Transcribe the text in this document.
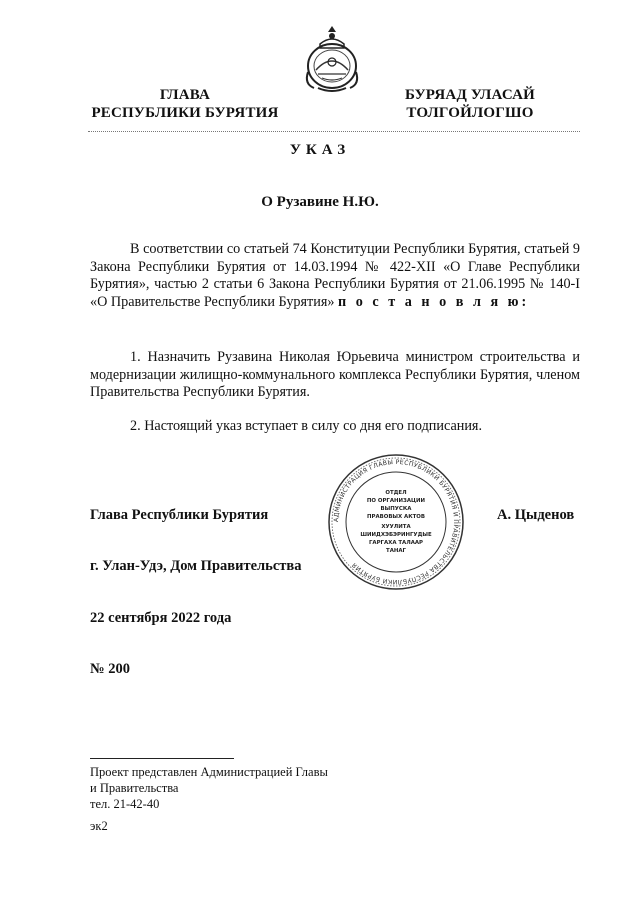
ГЛАВА
РЕСПУБЛИКИ БУРЯТИЯ
БУРЯАД УЛАСАЙ
ТОЛГОЙЛОГШО
УКАЗ
О Рузавине Н.Ю.
В соответствии со статьей 74 Конституции Республики Бурятия, статьей 9 Закона Республики Бурятия от 14.03.1994 № 422-XII «О Главе Республики Бурятия», частью 2 статьи 6 Закона Республики Бурятия от 21.06.1995 № 140-I «О Правительстве Республики Бурятия» п о с т а н о в л я ю:
1. Назначить Рузавина Николая Юрьевича министром строительства и модернизации жилищно-коммунального комплекса Республики Бурятия, членом Правительства Республики Бурятия.
2. Настоящий указ вступает в силу со дня его подписания.
АДМИНИСТРАЦИЯ ГЛАВЫ РЕСПУБЛИКИ БУРЯТИЯ И ПРАВИТЕЛЬСТВА РЕСПУБЛИКИ БУРЯТИЯ
ОТДЕЛ
ПО ОРГАНИЗАЦИИ
ВЫПУСКА
ПРАВОВЫХ АКТОВ
ХУУЛИТА
ШИИДХЭБЭРИНГУДЫЕ
ГАРГАХА ТАЛААР
ТАНАГ
Глава Республики Бурятия	А. Цыденов
г. Улан-Удэ, Дом Правительства
22 сентября 2022 года
№ 200
Проект представлен Администрацией Главы
и Правительства
тел. 21-42-40
эк2
